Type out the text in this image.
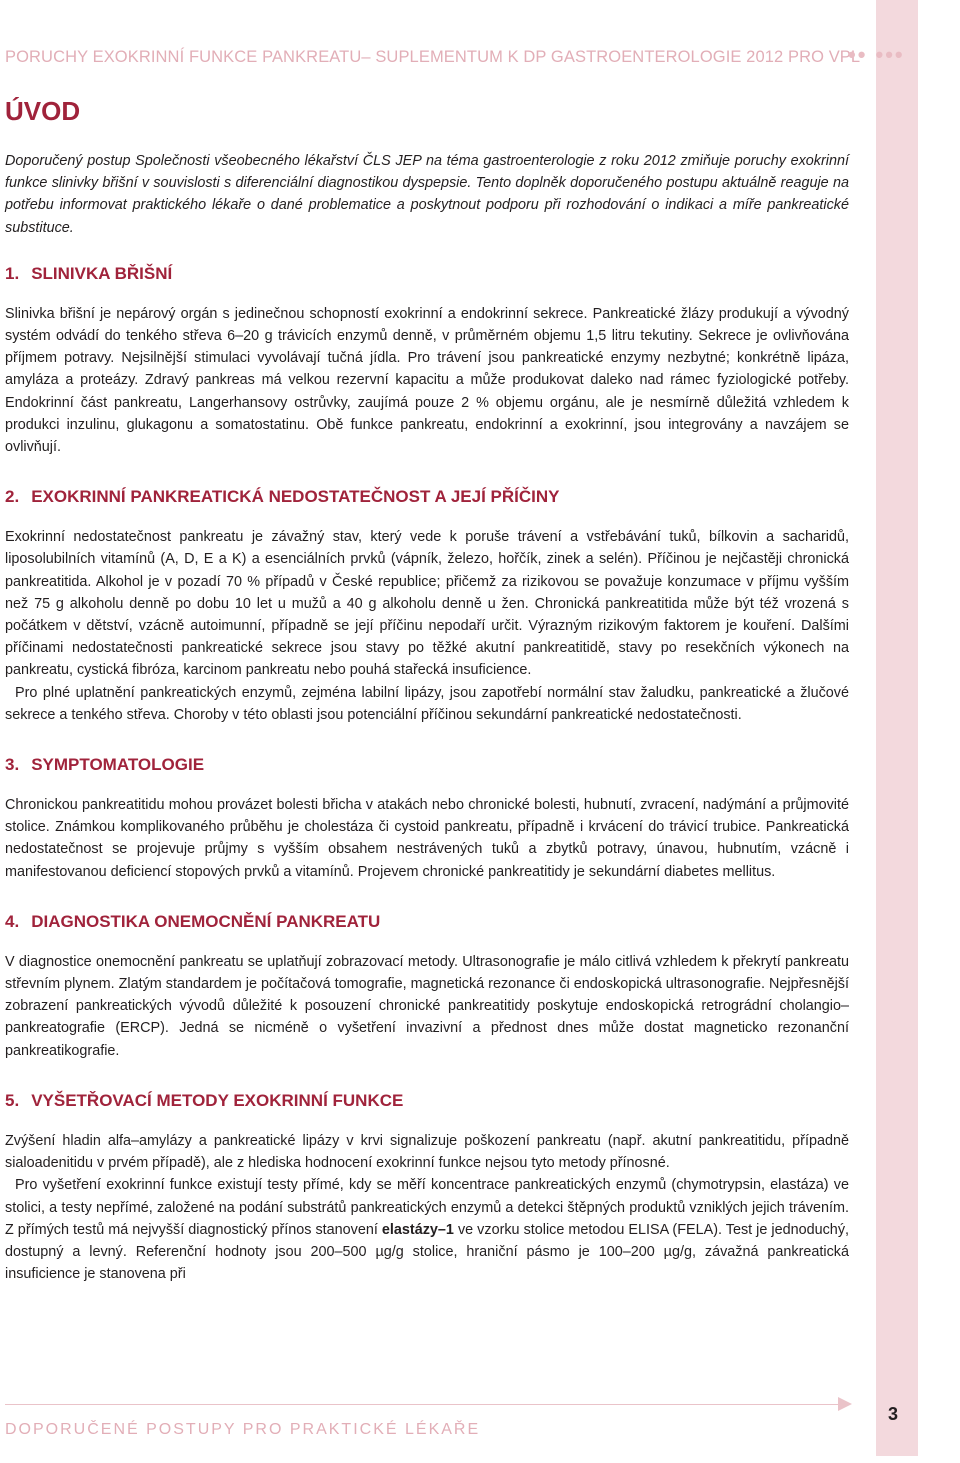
PORUCHY EXOKRINNÍ FUNKCE PANKREATU– SUPLEMENTUM K DP GASTROENTEROLOGIE 2012 PRO VPL
•• •••
ÚVOD

Doporučený postup Společnosti všeobecného lékařství ČLS JEP na téma gastroenterologie z roku 2012 zmiňuje poruchy exokrinní funkce slinivky břišní v souvislosti s diferenciální diagnostikou dyspepsie. Tento doplněk doporučeného postupu aktuálně reaguje na potřebu informovat praktického lékaře o dané problematice a poskytnout podporu při rozhodování o indikaci a míře pankreatické substituce.

1. SLINIVKA BŘIŠNÍ

Slinivka břišní je nepárový orgán s jedinečnou schopností exokrinní a endokrinní sekrece. Pankreatické žlázy produkují a vývodný systém odvádí do tenkého střeva 6–20 g trávicích enzymů denně, v průměrném objemu 1,5 litru tekutiny. Sekrece je ovlivňována příjmem potravy. Nejsilnější stimulaci vyvolávají tučná jídla. Pro trávení jsou pankreatické enzymy nezbytné; konkrétně lipáza, amyláza a proteázy. Zdravý pankreas má velkou rezervní kapacitu a může produkovat daleko nad rámec fyziologické potřeby. Endokrinní část pankreatu, Langerhansovy ostrůvky, zaujímá pouze 2 % objemu orgánu, ale je nesmírně důležitá vzhledem k produkci inzulinu, glukagonu a somatostatinu. Obě funkce pankreatu, endokrinní a exokrinní, jsou integrovány a navzájem se ovlivňují.

2. EXOKRINNÍ PANKREATICKÁ NEDOSTATEČNOST A JEJÍ PŘÍČINY

Exokrinní nedostatečnost pankreatu je závažný stav, který vede k poruše trávení a vstřebávání tuků, bílkovin a sacharidů, liposolubilních vitamínů (A, D, E a K) a esenciálních prvků (vápník, železo, hořčík, zinek a selén). Příčinou je nejčastěji chronická pankreatitida. Alkohol je v pozadí 70 % případů v České republice; přičemž za rizikovou se považuje konzumace v příjmu vyšším než 75 g alkoholu denně po dobu 10 let u mužů a 40 g alkoholu denně u žen. Chronická pankreatitida může být též vrozená s počátkem v dětství, vzácně autoimunní, případně se její příčinu nepodaří určit. Výrazným rizikovým faktorem je kouření. Dalšími příčinami nedostatečnosti pankreatické sekrece jsou stavy po těžké akutní pankreatitidě, stavy po resekčních výkonech na pankreatu, cystická fibróza, karcinom pankreatu nebo pouhá stařecká insuficience.

Pro plné uplatnění pankreatických enzymů, zejména labilní lipázy, jsou zapotřebí normální stav žaludku, pankreatické a žlučové sekrece a tenkého střeva. Choroby v této oblasti jsou potenciální příčinou sekundární pankreatické nedostatečnosti.

3. SYMPTOMATOLOGIE

Chronickou pankreatitidu mohou provázet bolesti břicha v atakách nebo chronické bolesti, hubnutí, zvracení, nadýmání a průjmovité stolice. Známkou komplikovaného průběhu je cholestáza či cystoid pankreatu, případně i krvácení do trávicí trubice. Pankreatická nedostatečnost se projevuje průjmy s vyšším obsahem nestrávených tuků a zbytků potravy, únavou, hubnutím, vzácně i manifestovanou deficiencí stopových prvků a vitamínů. Projevem chronické pankreatitidy je sekundární diabetes mellitus.

4. DIAGNOSTIKA ONEMOCNĚNÍ PANKREATU

V diagnostice onemocnění pankreatu se uplatňují zobrazovací metody. Ultrasonografie je málo citlivá vzhledem k překrytí pankreatu střevním plynem. Zlatým standardem je počítačová tomografie, magnetická rezonance či endoskopická ultrasonografie. Nejpřesnější zobrazení pankreatických vývodů důležité k posouzení chronické pankreatitidy poskytuje endoskopická retrográdní cholangio–pankreatografie (ERCP). Jedná se nicméně o vyšetření invazivní a přednost dnes může dostat magneticko rezonanční pankreatikografie.

5. VYŠETŘOVACÍ METODY EXOKRINNÍ FUNKCE

Zvýšení hladin alfa–amylázy a pankreatické lipázy v krvi signalizuje poškození pankreatu (např. akutní pankreatitidu, případně sialoadenitidu v prvém případě), ale z hlediska hodnocení exokrinní funkce nejsou tyto metody přínosné.

Pro vyšetření exokrinní funkce existují testy přímé, kdy se měří koncentrace pankreatických enzymů (chymotrypsin, elastáza) ve stolici, a testy nepřímé, založené na podání substrátů pankreatických enzymů a detekci štěpných produktů vzniklých jejich trávením. Z přímých testů má nejvyšší diagnostický přínos stanovení elastázy–1 ve vzorku stolice metodou ELISA (FELA). Test je jednoduchý, dostupný a levný. Referenční hodnoty jsou 200–500 µg/g stolice, hraniční pásmo je 100–200 µg/g, závažná pankreatická insuficience je stanovena při

DOPORUČENÉ POSTUPY PRO PRAKTICKÉ LÉKAŘE
3
